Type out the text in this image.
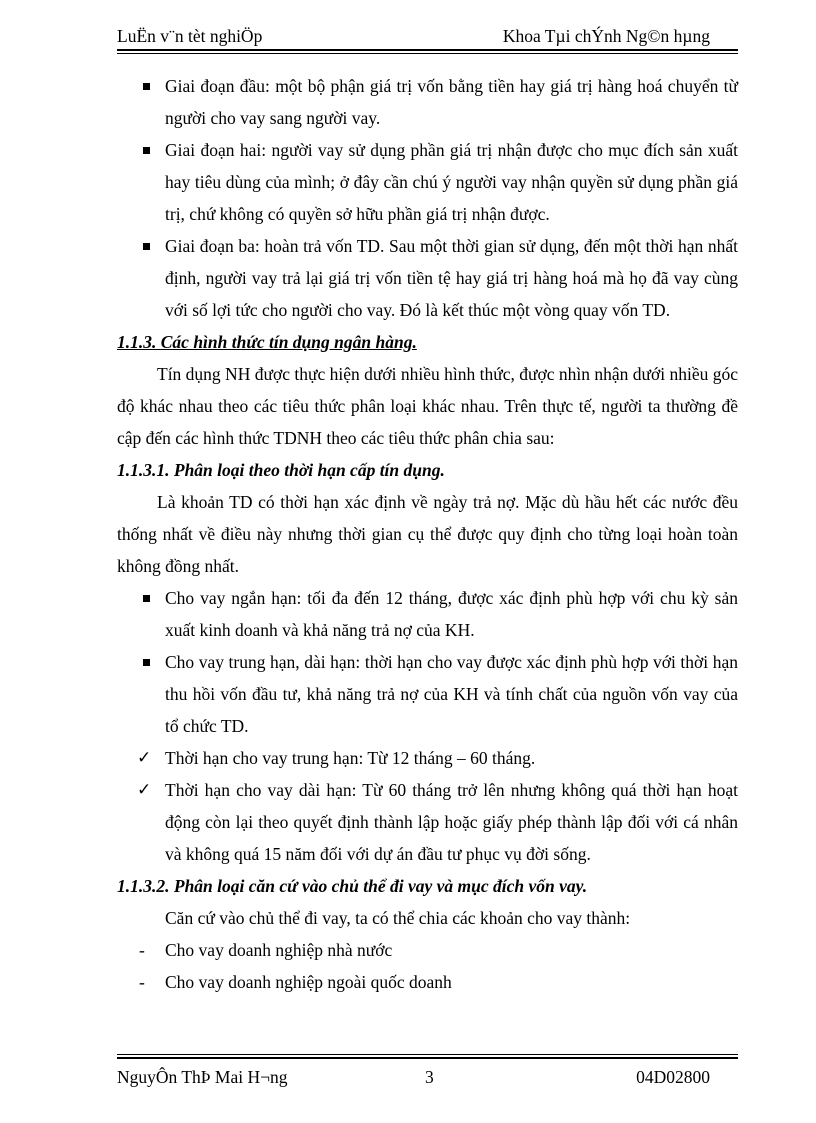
LuËn v¨n tèt nghiÖp	Khoa Tµi chÝnh Ng©n hµng

Giai đoạn đầu: một bộ phận giá trị vốn bằng tiền hay giá trị hàng hoá chuyển từ người cho vay sang người vay.

Giai đoạn hai: người vay sử dụng phần giá trị nhận được cho mục đích sản xuất hay tiêu dùng của mình; ở đây cần chú ý người vay nhận quyền sử dụng phần giá trị, chứ không có quyền sở hữu phần giá trị nhận được.

Giai đoạn ba: hoàn trả vốn TD. Sau một thời gian sử dụng, đến một thời hạn nhất định, người vay trả lại giá trị vốn tiền tệ hay giá trị hàng hoá mà họ đã vay cùng với số lợi tức cho người cho vay. Đó là kết thúc một vòng quay vốn TD.

1.1.3. Các hình thức tín dụng ngân hàng.

Tín dụng NH được thực hiện dưới nhiều hình thức, được nhìn nhận dưới nhiều góc độ khác nhau theo các tiêu thức phân loại khác nhau. Trên thực tế, người ta thường đề cập đến các hình thức TDNH theo các tiêu thức phân chia sau:

1.1.3.1. Phân loại theo thời hạn cấp tín dụng.

Là khoản TD có thời hạn xác định về ngày trả nợ. Mặc dù hầu hết các nước đều thống nhất về điều này nhưng thời gian cụ thể được quy định cho từng loại hoàn toàn không đồng nhất.

Cho vay ngắn hạn: tối đa đến 12 tháng, được xác định phù hợp với chu kỳ sản xuất kinh doanh và khả năng trả nợ của KH.

Cho vay trung hạn, dài hạn: thời hạn cho vay được xác định phù hợp với thời hạn thu hồi vốn đầu tư, khả năng trả nợ của KH và tính chất của nguồn vốn vay của tổ chức TD.

✓ Thời hạn cho vay trung hạn: Từ 12 tháng – 60 tháng.

✓ Thời hạn cho vay dài hạn: Từ 60 tháng trở lên nhưng không quá thời hạn hoạt động còn lại theo quyết định thành lập hoặc giấy phép thành lập đối với cá nhân và không quá 15 năm đối với dự án đầu tư phục vụ đời sống.

1.1.3.2. Phân loại căn cứ vào chủ thể đi vay và mục đích vốn vay.

Căn cứ vào chủ thể đi vay, ta có thể chia các khoản cho vay thành:

- Cho vay doanh nghiệp nhà nước

- Cho vay doanh nghiệp ngoài quốc doanh

NguyÔn ThÞ Mai H¬ng	3	04D02800
